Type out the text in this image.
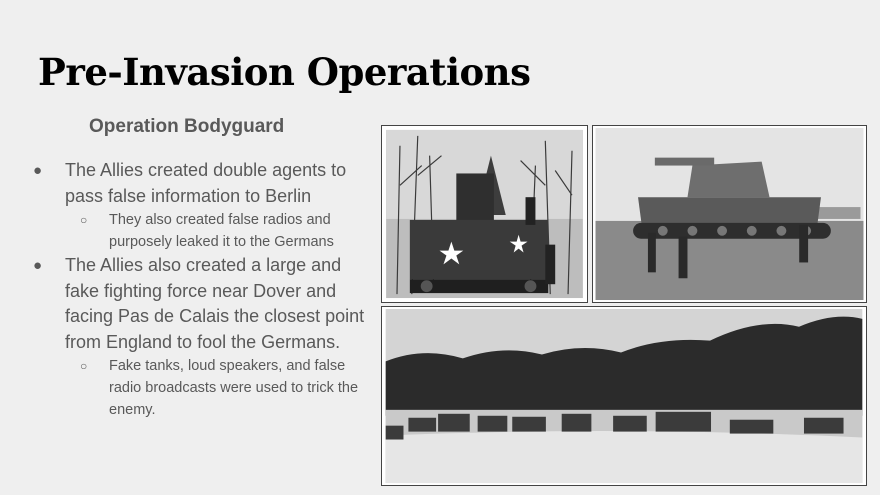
Pre-Invasion Operations
Operation Bodyguard
● The Allies created double agents to pass false information to Berlin
○ They also created false radios and purposely leaked it to the Germans
● The Allies also created a large and fake fighting force near Dover and facing Pas de Calais the closest point from England to fool the Germans.
○ Fake tanks, loud speakers, and false radio broadcasts were used to trick the enemy.
